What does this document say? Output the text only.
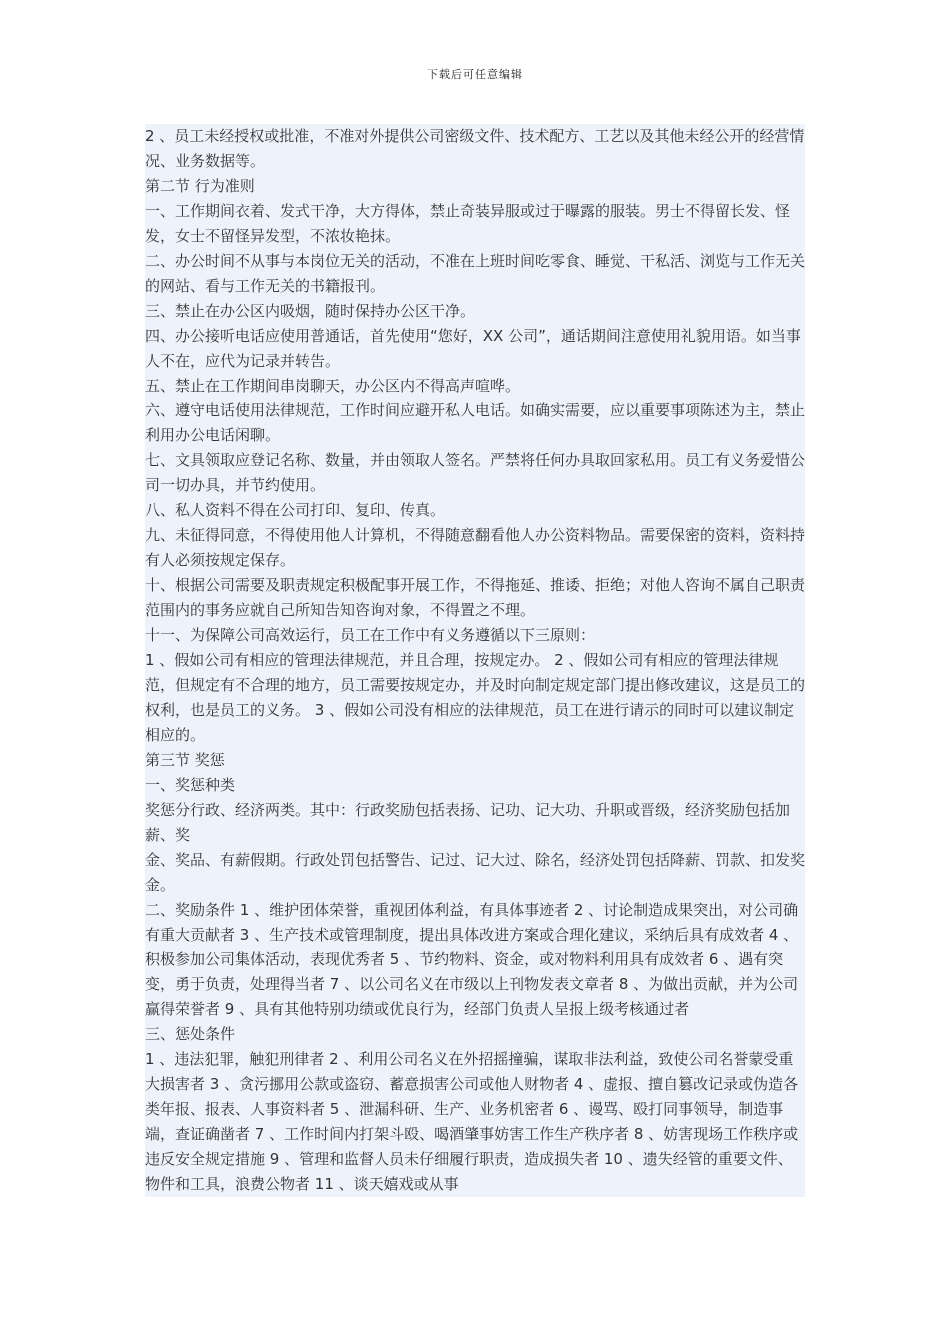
下载后可任意编辑

2 、员工未经授权或批准，不准对外提供公司密级文件、技术配方、工艺以及其他未经公开的经营情况、业务数据等。

第二节 行为准则

一、工作期间衣着、发式干净，大方得体，禁止奇装异服或过于曝露的服装。男士不得留长发、怪发，女士不留怪异发型，不浓妆艳抹。

二、办公时间不从事与本岗位无关的活动，不准在上班时间吃零食、睡觉、干私活、浏览与工作无关的网站、看与工作无关的书籍报刊。

三、禁止在办公区内吸烟，随时保持办公区干净。

四、办公接听电话应使用普通话，首先使用“您好，XX 公司”，通话期间注意使用礼貌用语。如当事人不在，应代为记录并转告。

五、禁止在工作期间串岗聊天，办公区内不得高声喧哗。

六、遵守电话使用法律规范，工作时间应避开私人电话。如确实需要，应以重要事项陈述为主，禁止利用办公电话闲聊。

七、文具领取应登记名称、数量，并由领取人签名。严禁将任何办具取回家私用。员工有义务爱惜公司一切办具，并节约使用。

八、私人资料不得在公司打印、复印、传真。

九、未征得同意，不得使用他人计算机，不得随意翻看他人办公资料物品。需要保密的资料，资料持有人必须按规定保存。

十、根据公司需要及职责规定积极配事开展工作，不得拖延、推诿、拒绝；对他人咨询不属自己职责范围内的事务应就自己所知告知咨询对象，不得置之不理。

十一、为保障公司高效运行，员工在工作中有义务遵循以下三原则：

1 、假如公司有相应的管理法律规范，并且合理，按规定办。 2 、假如公司有相应的管理法律规范，但规定有不合理的地方，员工需要按规定办，并及时向制定规定部门提出修改建议，这是员工的权利，也是员工的义务。 3 、假如公司没有相应的法律规范，员工在进行请示的同时可以建议制定相应的。

第三节 奖惩

一、奖惩种类

奖惩分行政、经济两类。其中：行政奖励包括表扬、记功、记大功、升职或晋级，经济奖励包括加薪、奖

金、奖品、有薪假期。行政处罚包括警告、记过、记大过、除名，经济处罚包括降薪、罚款、扣发奖金。

二、奖励条件 1 、维护团体荣誉，重视团体利益，有具体事迹者 2 、讨论制造成果突出，对公司确有重大贡献者 3 、生产技术或管理制度，提出具体改进方案或合理化建议，采纳后具有成效者 4 、积极参加公司集体活动，表现优秀者 5 、节约物料、资金，或对物料利用具有成效者 6 、遇有突变，勇于负责，处理得当者 7 、以公司名义在市级以上刊物发表文章者 8 、为做出贡献，并为公司赢得荣誉者 9 、具有其他特别功绩或优良行为，经部门负责人呈报上级考核通过者

三、惩处条件

1 、违法犯罪，触犯刑律者 2 、利用公司名义在外招摇撞骗，谋取非法利益，致使公司名誉蒙受重大损害者 3 、贪污挪用公款或盗窃、蓄意损害公司或他人财物者 4 、虚报、擅自篡改记录或伪造各类年报、报表、人事资料者 5 、泄漏科研、生产、业务机密者 6 、谩骂、殴打同事领导，制造事端，查证确凿者 7 、工作时间内打架斗殴、喝酒肇事妨害工作生产秩序者 8 、妨害现场工作秩序或违反安全规定措施 9 、管理和监督人员未仔细履行职责，造成损失者 10 、遗失经管的重要文件、物件和工具，浪费公物者 11 、谈天嬉戏或从事
